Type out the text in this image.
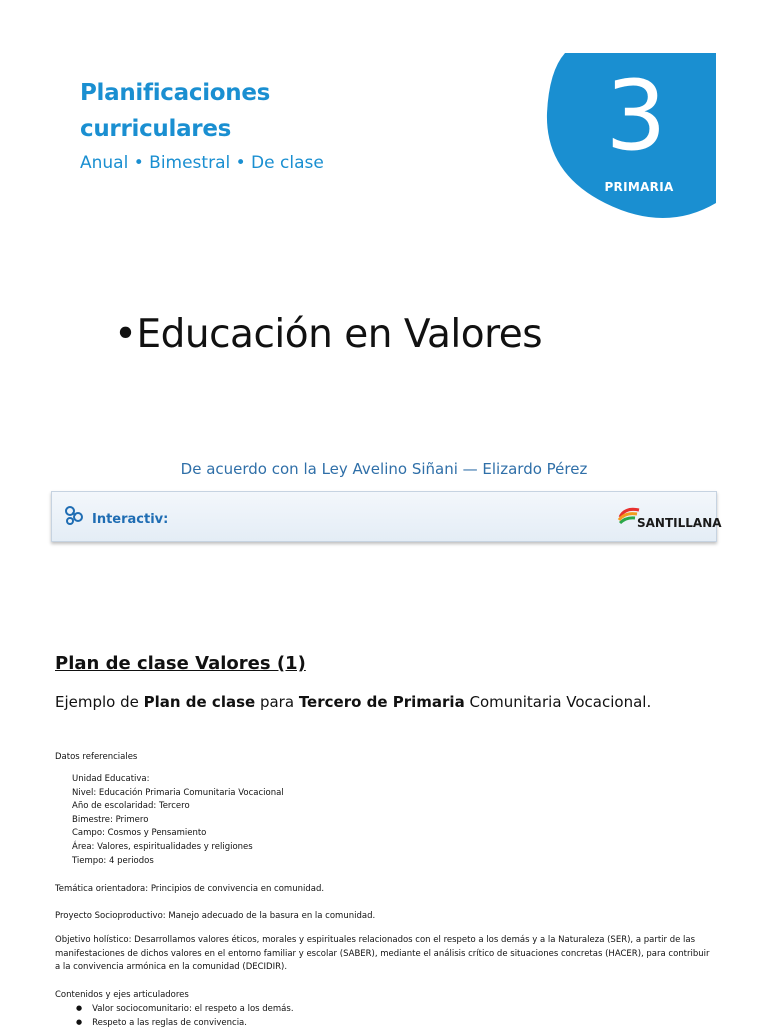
Planificaciones
curriculares
Anual • Bimestral • De clase	3
PRIMARIA
•Educación en Valores
De acuerdo con la Ley Avelino Siñani — Elizardo Pérez
Interactiv:	SANTILLANA
Plan de clase Valores (1)
Ejemplo de Plan de clase para Tercero de Primaria Comunitaria Vocacional.
Datos referenciales
Unidad Educativa:
Nivel: Educación Primaria Comunitaria Vocacional
Año de escolaridad: Tercero
Bimestre: Primero
Campo: Cosmos y Pensamiento
Área: Valores, espiritualidades y religiones
Tiempo: 4 periodos
Temática orientadora: Principios de convivencia en comunidad.
Proyecto Socioproductivo: Manejo adecuado de la basura en la comunidad.
Objetivo holístico: Desarrollamos valores éticos, morales y espirituales relacionados con el respeto a los demás y a la Naturaleza (SER), a partir de las manifestaciones de dichos valores en el entorno familiar y escolar (SABER), mediante el análisis crítico de situaciones concretas (HACER), para contribuir a la convivencia armónica en la comunidad (DECIDIR).
Contenidos y ejes articuladores
● Valor sociocomunitario: el respeto a los demás.
● Respeto a las reglas de convivencia.
